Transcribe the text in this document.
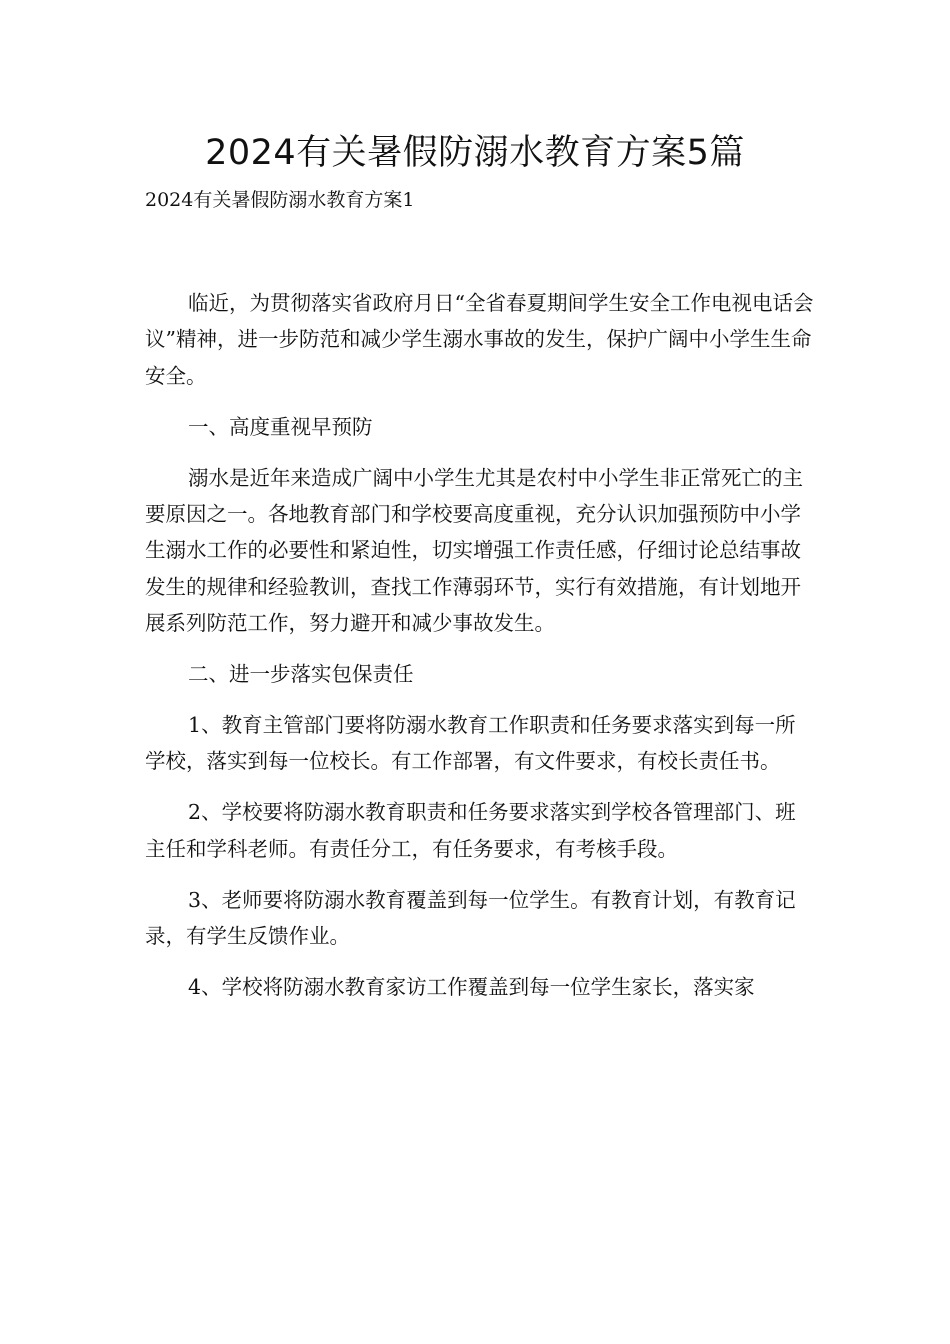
2024有关暑假防溺水教育方案5篇
2024有关暑假防溺水教育方案1

临近，为贯彻落实省政府月日“全省春夏期间学生安全工作电视电话会议”精神，进一步防范和减少学生溺水事故的发生，保护广阔中小学生生命安全。

一、高度重视早预防

溺水是近年来造成广阔中小学生尤其是农村中小学生非正常死亡的主要原因之一。各地教育部门和学校要高度重视，充分认识加强预防中小学生溺水工作的必要性和紧迫性，切实增强工作责任感，仔细讨论总结事故发生的规律和经验教训，查找工作薄弱环节，实行有效措施，有计划地开展系列防范工作，努力避开和减少事故发生。

二、进一步落实包保责任

1、教育主管部门要将防溺水教育工作职责和任务要求落实到每一所学校，落实到每一位校长。有工作部署，有文件要求，有校长责任书。

2、学校要将防溺水教育职责和任务要求落实到学校各管理部门、班主任和学科老师。有责任分工，有任务要求，有考核手段。

3、老师要将防溺水教育覆盖到每一位学生。有教育计划，有教育记录，有学生反馈作业。

4、学校将防溺水教育家访工作覆盖到每一位学生家长，落实家
